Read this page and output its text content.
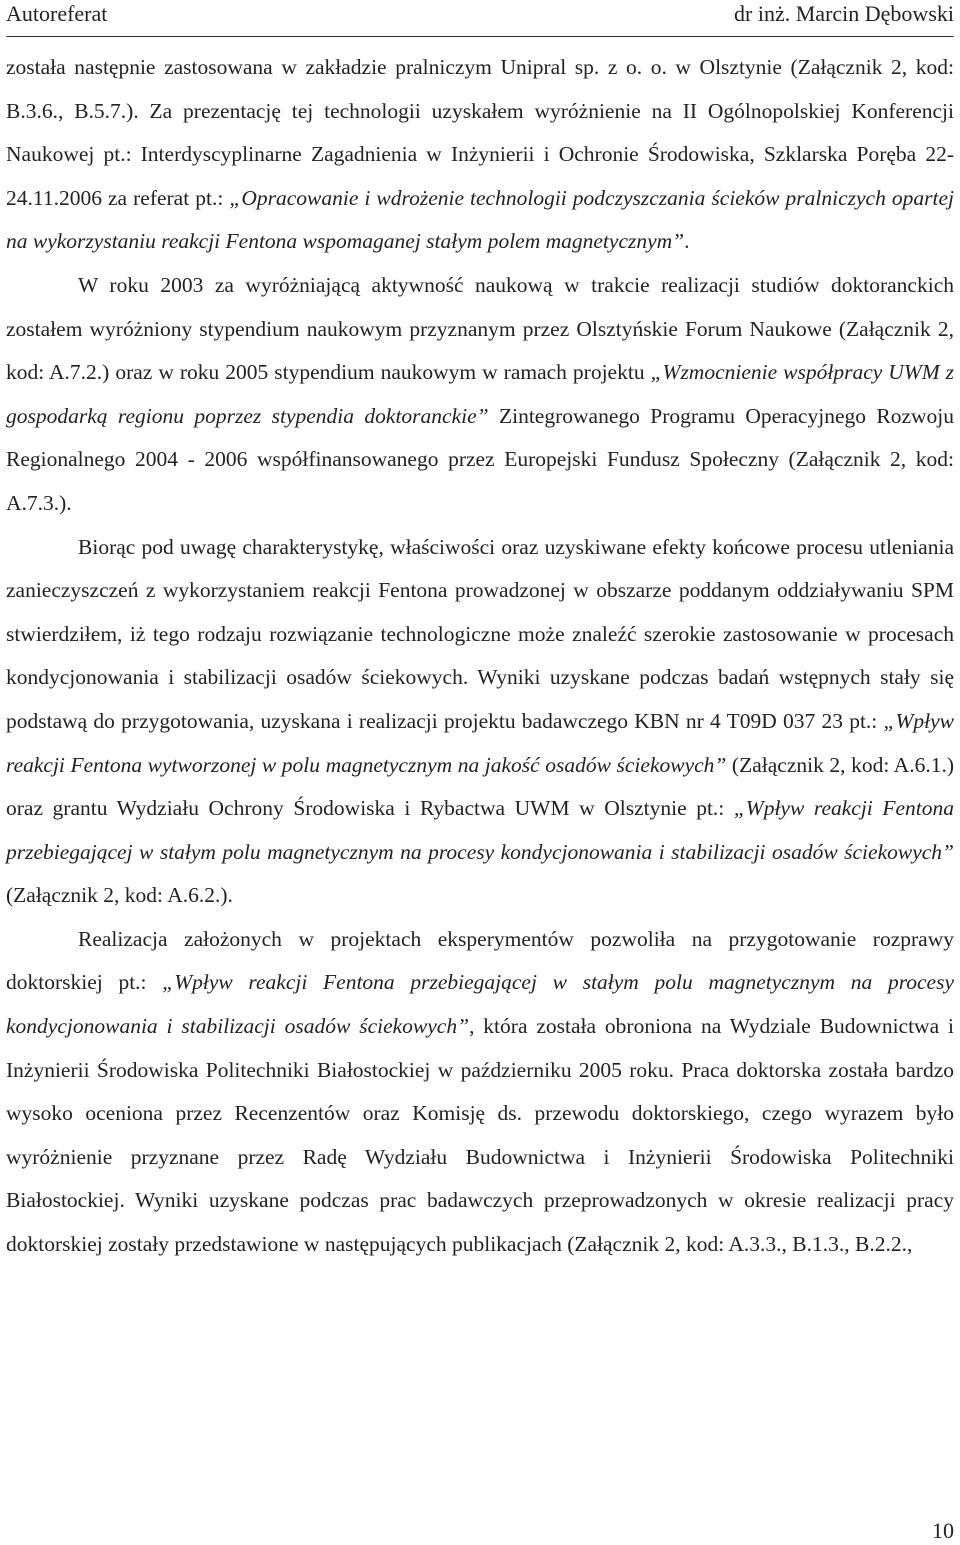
Autoreferat	dr inż. Marcin Dębowski

została następnie zastosowana w zakładzie pralniczym Unipral sp. z o. o. w Olsztynie (Załącznik 2, kod: B.3.6., B.5.7.). Za prezentację tej technologii uzyskałem wyróżnienie na II Ogólnopolskiej Konferencji Naukowej pt.: Interdyscyplinarne Zagadnienia w Inżynierii i Ochronie Środowiska, Szklarska Poręba 22-24.11.2006 za referat pt.: „Opracowanie i wdrożenie technologii podczyszczania ścieków pralniczych opartej na wykorzystaniu reakcji Fentona wspomaganej stałym polem magnetycznym”.

W roku 2003 za wyróżniającą aktywność naukową w trakcie realizacji studiów doktoranckich zostałem wyróżniony stypendium naukowym przyznanym przez Olsztyńskie Forum Naukowe (Załącznik 2, kod: A.7.2.) oraz w roku 2005 stypendium naukowym w ramach projektu „Wzmocnienie współpracy UWM z gospodarką regionu poprzez stypendia doktoranckie” Zintegrowanego Programu Operacyjnego Rozwoju Regionalnego 2004 - 2006 współfinansowanego przez Europejski Fundusz Społeczny (Załącznik 2, kod: A.7.3.).

Biorąc pod uwagę charakterystykę, właściwości oraz uzyskiwane efekty końcowe procesu utleniania zanieczyszczeń z wykorzystaniem reakcji Fentona prowadzonej w obszarze poddanym oddziaływaniu SPM stwierdziłem, iż tego rodzaju rozwiązanie technologiczne może znaleźć szerokie zastosowanie w procesach kondycjonowania i stabilizacji osadów ściekowych. Wyniki uzyskane podczas badań wstępnych stały się podstawą do przygotowania, uzyskana i realizacji projektu badawczego KBN nr 4 T09D 037 23 pt.: „Wpływ reakcji Fentona wytworzonej w polu magnetycznym na jakość osadów ściekowych” (Załącznik 2, kod: A.6.1.) oraz grantu Wydziału Ochrony Środowiska i Rybactwa UWM w Olsztynie pt.: „Wpływ reakcji Fentona przebiegającej w stałym polu magnetycznym na procesy kondycjonowania i stabilizacji osadów ściekowych” (Załącznik 2, kod: A.6.2.).

Realizacja założonych w projektach eksperymentów pozwoliła na przygotowanie rozprawy doktorskiej pt.: „Wpływ reakcji Fentona przebiegającej w stałym polu magnetycznym na procesy kondycjonowania i stabilizacji osadów ściekowych”, która została obroniona na Wydziale Budownictwa i Inżynierii Środowiska Politechniki Białostockiej w październiku 2005 roku. Praca doktorska została bardzo wysoko oceniona przez Recenzentów oraz Komisję ds. przewodu doktorskiego, czego wyrazem było wyróżnienie przyznane przez Radę Wydziału Budownictwa i Inżynierii Środowiska Politechniki Białostockiej. Wyniki uzyskane podczas prac badawczych przeprowadzonych w okresie realizacji pracy doktorskiej zostały przedstawione w następujących publikacjach (Załącznik 2, kod: A.3.3., B.1.3., B.2.2.,

10
